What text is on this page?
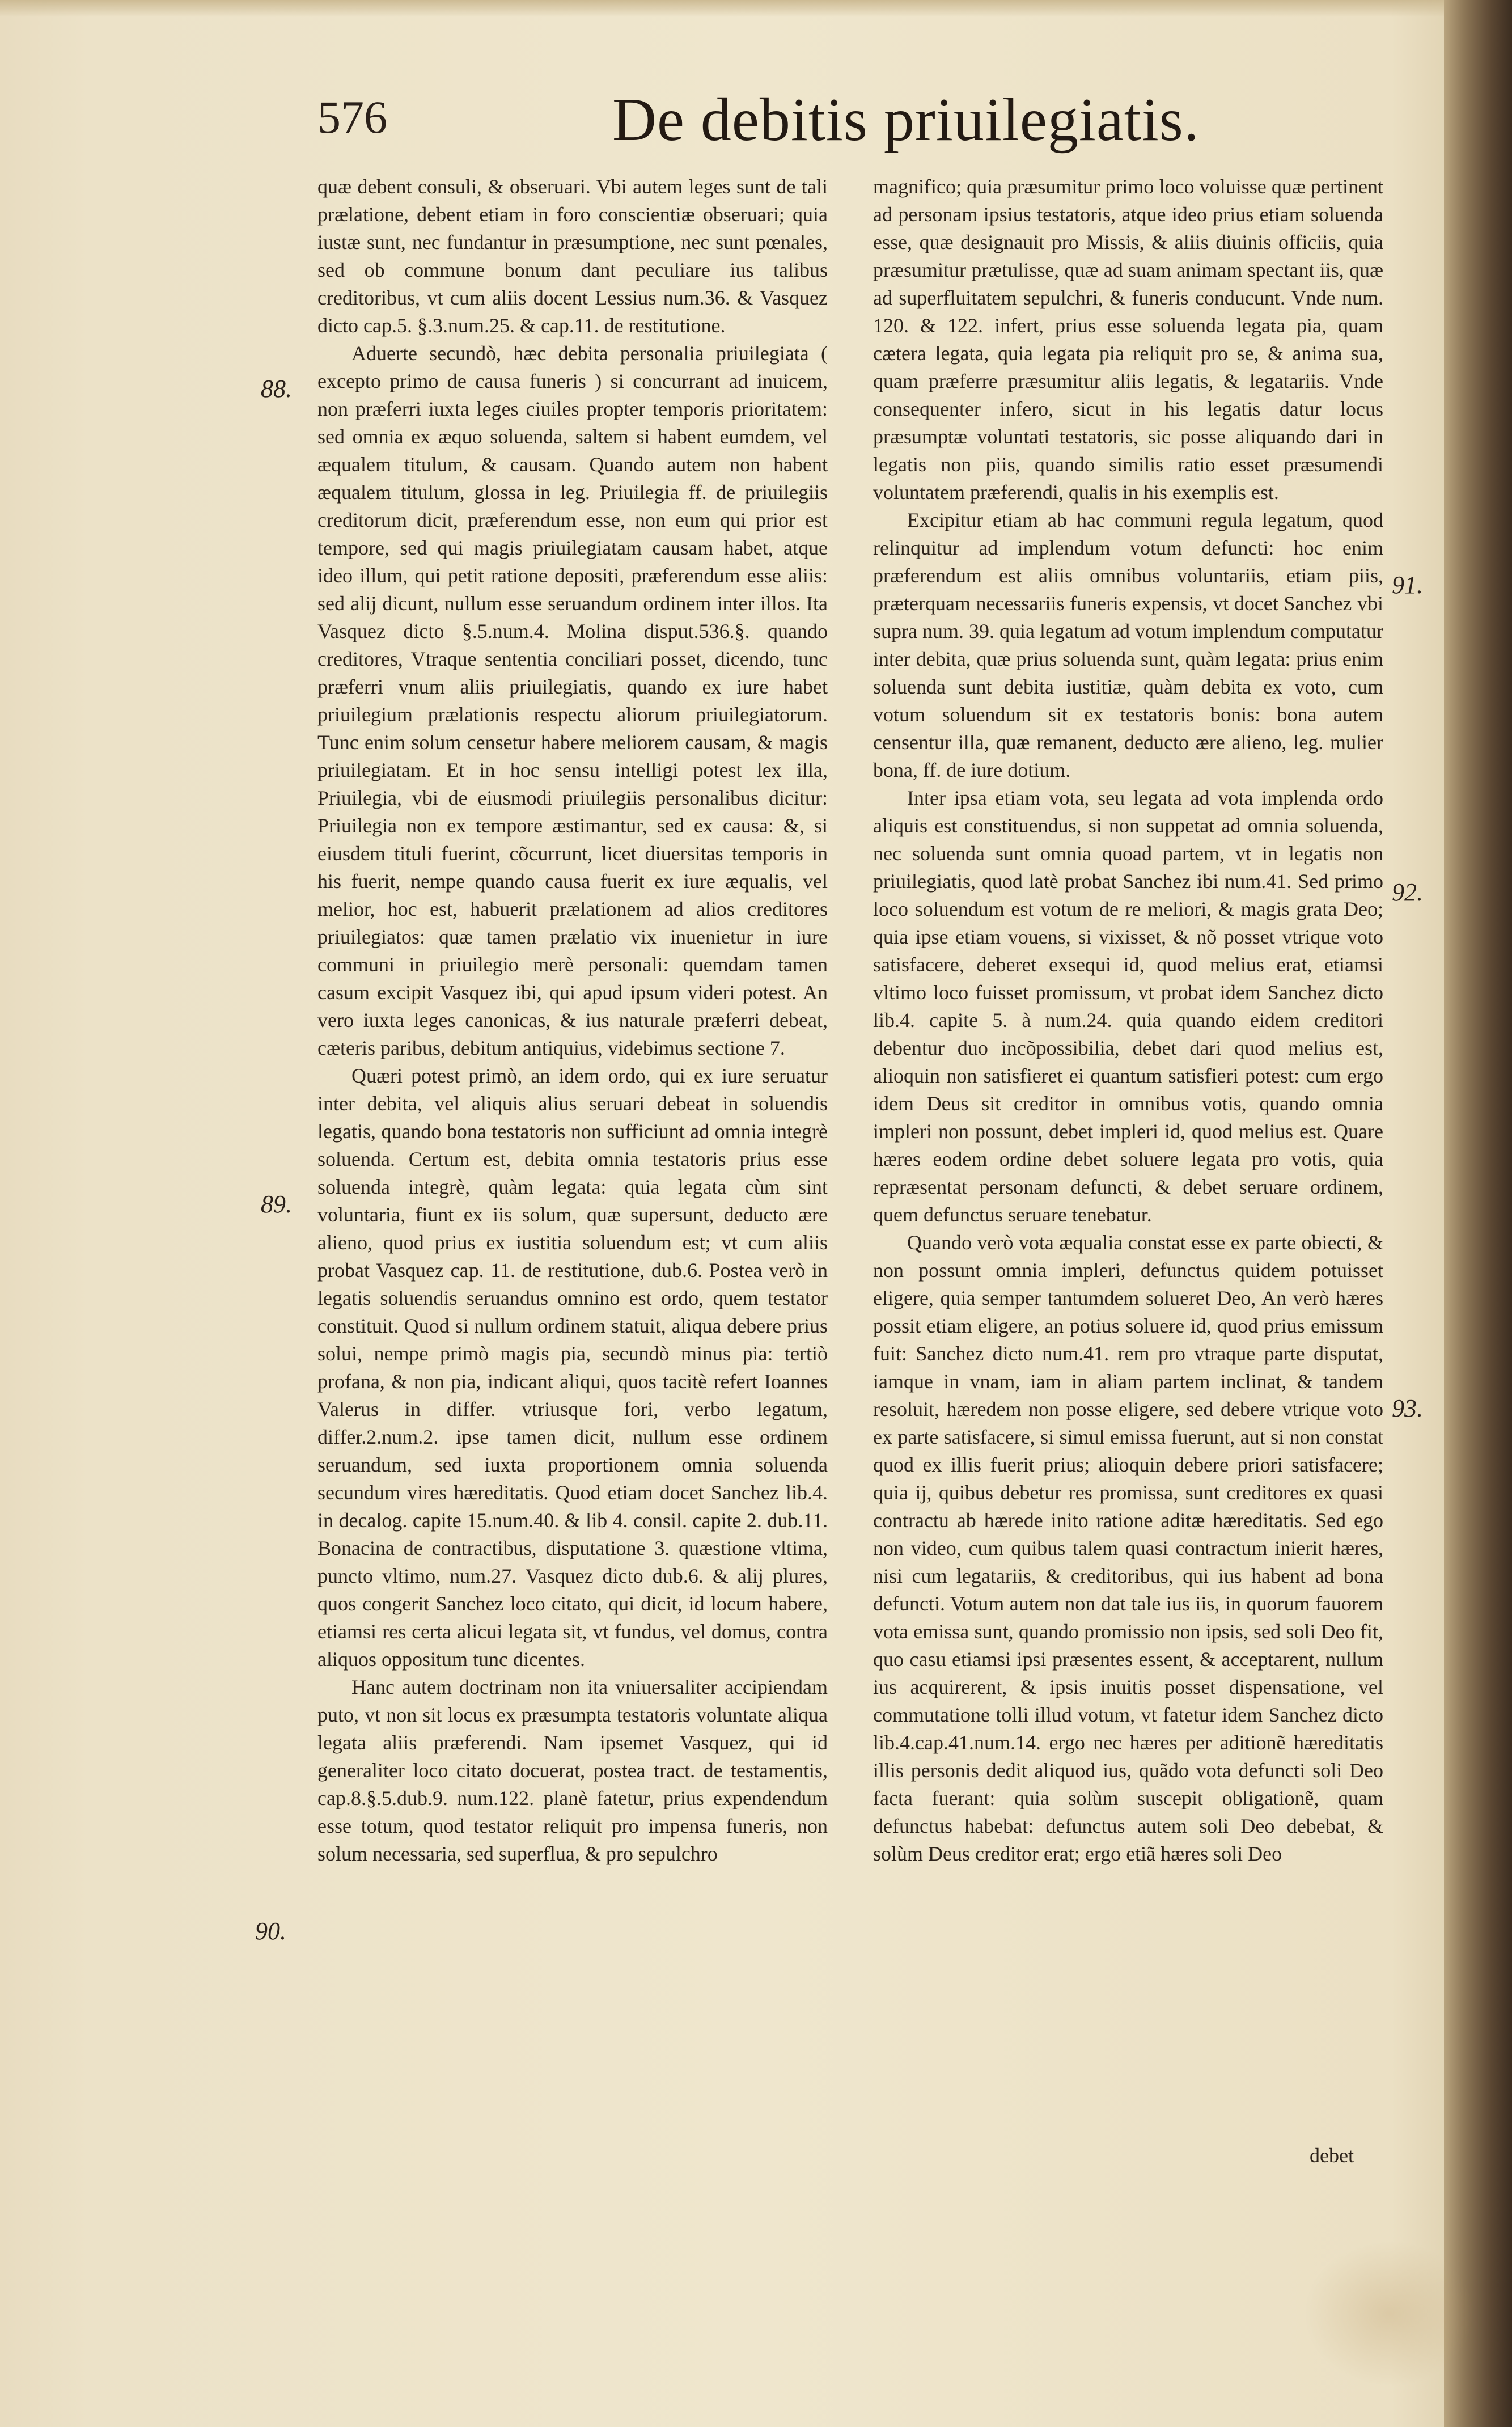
576	De debitis priuilegiatis.
88.
89.
90.
91.
92.
93.

quæ debent consuli, & obseruari. Vbi autem leges sunt de tali prælatione, debent etiam in foro conscientiæ obseruari; quia iustæ sunt, nec fundantur in præsumptione, nec sunt pœnales, sed ob commune bonum dant peculiare ius talibus creditoribus, vt cum aliis docent Lessius num.36. & Vasquez dicto cap.5. §.3.num.25. & cap.11. de restitutione.

Aduerte secundò, hæc debita personalia priuilegiata ( excepto primo de causa funeris ) si concurrant ad inuicem, non præferri iuxta leges ciuiles propter temporis prioritatem: sed omnia ex æquo soluenda, saltem si habent eumdem, vel æqualem titulum, & causam. Quando autem non habent æqualem titulum, glossa in leg. Priuilegia ff. de priuilegiis creditorum dicit, præferendum esse, non eum qui prior est tempore, sed qui magis priuilegiatam causam habet, atque ideo illum, qui petit ratione depositi, præferendum esse aliis: sed alij dicunt, nullum esse seruandum ordinem inter illos. Ita Vasquez dicto §.5.num.4. Molina disput.536.§. quando creditores, Vtraque sententia conciliari posset, dicendo, tunc præferri vnum aliis priuilegiatis, quando ex iure habet priuilegium prælationis respectu aliorum priuilegiatorum. Tunc enim solum censetur habere meliorem causam, & magis priuilegiatam. Et in hoc sensu intelligi potest lex illa, Priuilegia, vbi de eiusmodi priuilegiis personalibus dicitur: Priuilegia non ex tempore æstimantur, sed ex causa: &, si eiusdem tituli fuerint, cõcurrunt, licet diuersitas temporis in his fuerit, nempe quando causa fuerit ex iure æqualis, vel melior, hoc est, habuerit prælationem ad alios creditores priuilegiatos: quæ tamen prælatio vix inuenietur in iure communi in priuilegio merè personali: quemdam tamen casum excipit Vasquez ibi, qui apud ipsum videri potest. An vero iuxta leges canonicas, & ius naturale præferri debeat, cæteris paribus, debitum antiquius, videbimus sectione 7.

Quæri potest primò, an idem ordo, qui ex iure seruatur inter debita, vel aliquis alius seruari debeat in soluendis legatis, quando bona testatoris non sufficiunt ad omnia integrè soluenda. Certum est, debita omnia testatoris prius esse soluenda integrè, quàm legata: quia legata cùm sint voluntaria, fiunt ex iis solum, quæ supersunt, deducto ære alieno, quod prius ex iustitia soluendum est; vt cum aliis probat Vasquez cap. 11. de restitutione, dub.6. Postea verò in legatis soluendis seruandus omnino est ordo, quem testator constituit. Quod si nullum ordinem statuit, aliqua debere prius solui, nempe primò magis pia, secundò minus pia: tertiò profana, & non pia, indicant aliqui, quos tacitè refert Ioannes Valerus in differ. vtriusque fori, verbo legatum, differ.2.num.2. ipse tamen dicit, nullum esse ordinem seruandum, sed iuxta proportionem omnia soluenda secundum vires hæreditatis. Quod etiam docet Sanchez lib.4. in decalog. capite 15.num.40. & lib 4. consil. capite 2. dub.11. Bonacina de contractibus, disputatione 3. quæstione vltima, puncto vltimo, num.27. Vasquez dicto dub.6. & alij plures, quos congerit Sanchez loco citato, qui dicit, id locum habere, etiamsi res certa alicui legata sit, vt fundus, vel domus, contra aliquos oppositum tunc dicentes.

Hanc autem doctrinam non ita vniuersaliter accipiendam puto, vt non sit locus ex præsumpta testatoris voluntate aliqua legata aliis præferendi. Nam ipsemet Vasquez, qui id generaliter loco citato docuerat, postea tract. de testamentis, cap.8.§.5.dub.9. num.122. planè fatetur, prius expendendum esse totum, quod testator reliquit pro impensa funeris, non solum necessaria, sed superflua, & pro sepulchro

magnifico; quia præsumitur primo loco voluisse quæ pertinent ad personam ipsius testatoris, atque ideo prius etiam soluenda esse, quæ designauit pro Missis, & aliis diuinis officiis, quia præsumitur prætulisse, quæ ad suam animam spectant iis, quæ ad superfluitatem sepulchri, & funeris conducunt. Vnde num. 120. & 122. infert, prius esse soluenda legata pia, quam cætera legata, quia legata pia reliquit pro se, & anima sua, quam præferre præsumitur aliis legatis, & legatariis. Vnde consequenter infero, sicut in his legatis datur locus præsumptæ voluntati testatoris, sic posse aliquando dari in legatis non piis, quando similis ratio esset præsumendi voluntatem præferendi, qualis in his exemplis est.

Excipitur etiam ab hac communi regula legatum, quod relinquitur ad implendum votum defuncti: hoc enim præferendum est aliis omnibus voluntariis, etiam piis, præterquam necessariis funeris expensis, vt docet Sanchez vbi supra num. 39. quia legatum ad votum implendum computatur inter debita, quæ prius soluenda sunt, quàm legata: prius enim soluenda sunt debita iustitiæ, quàm debita ex voto, cum votum soluendum sit ex testatoris bonis: bona autem censentur illa, quæ remanent, deducto ære alieno, leg. mulier bona, ff. de iure dotium.

Inter ipsa etiam vota, seu legata ad vota implenda ordo aliquis est constituendus, si non suppetat ad omnia soluenda, nec soluenda sunt omnia quoad partem, vt in legatis non priuilegiatis, quod latè probat Sanchez ibi num.41. Sed primo loco soluendum est votum de re meliori, & magis grata Deo; quia ipse etiam vouens, si vixisset, & nõ posset vtrique voto satisfacere, deberet exsequi id, quod melius erat, etiamsi vltimo loco fuisset promissum, vt probat idem Sanchez dicto lib.4. capite 5. à num.24. quia quando eidem creditori debentur duo incõpossibilia, debet dari quod melius est, alioquin non satisfieret ei quantum satisfieri potest: cum ergo idem Deus sit creditor in omnibus votis, quando omnia impleri non possunt, debet impleri id, quod melius est. Quare hæres eodem ordine debet soluere legata pro votis, quia repræsentat personam defuncti, & debet seruare ordinem, quem defunctus seruare tenebatur.

Quando verò vota æqualia constat esse ex parte obiecti, & non possunt omnia impleri, defunctus quidem potuisset eligere, quia semper tantumdem solueret Deo, An verò hæres possit etiam eligere, an potius soluere id, quod prius emissum fuit: Sanchez dicto num.41. rem pro vtraque parte disputat, iamque in vnam, iam in aliam partem inclinat, & tandem resoluit, hæredem non posse eligere, sed debere vtrique voto ex parte satisfacere, si simul emissa fuerunt, aut si non constat quod ex illis fuerit prius; alioquin debere priori satisfacere; quia ij, quibus debetur res promissa, sunt creditores ex quasi contractu ab hærede inito ratione aditæ hæreditatis. Sed ego non video, cum quibus talem quasi contractum inierit hæres, nisi cum legatariis, & creditoribus, qui ius habent ad bona defuncti. Votum autem non dat tale ius iis, in quorum fauorem vota emissa sunt, quando promissio non ipsis, sed soli Deo fit, quo casu etiamsi ipsi præsentes essent, & acceptarent, nullum ius acquirerent, & ipsis inuitis posset dispensatione, vel commutatione tolli illud votum, vt fatetur idem Sanchez dicto lib.4.cap.41.num.14. ergo nec hæres per aditionẽ hæreditatis illis personis dedit aliquod ius, quãdo vota defuncti soli Deo facta fuerant: quia solùm suscepit obligationẽ, quam defunctus habebat: defunctus autem soli Deo debebat, & solùm Deus creditor erat; ergo etiã hæres soli Deo

debet
